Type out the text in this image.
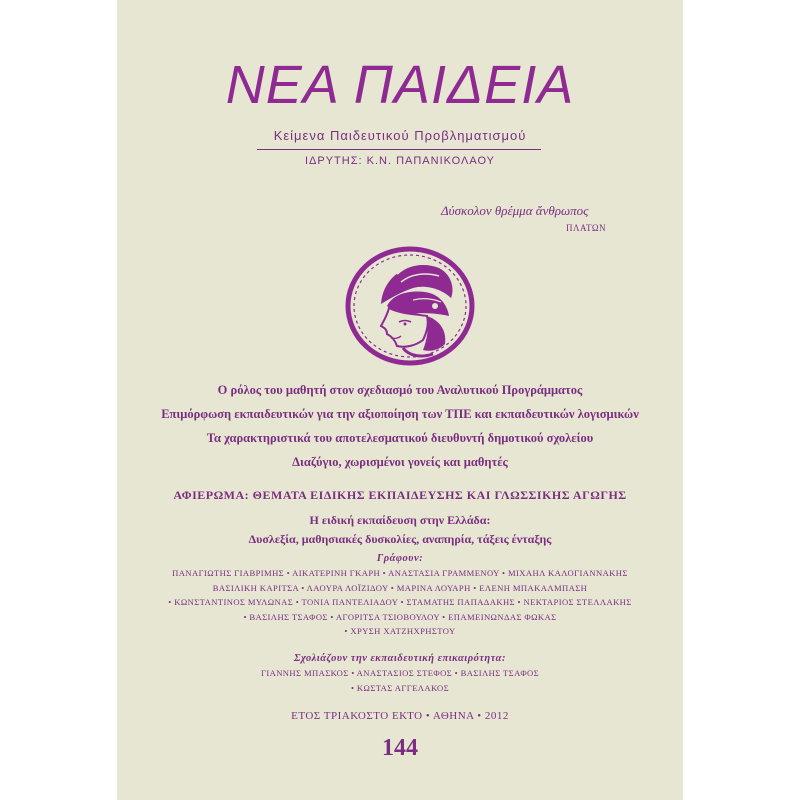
ΝΕΑ ΠΑΙΔΕΙΑ
Κείμενα Παιδευτικού Προβληματισμού
ΙΔΡΥΤΗΣ: Κ.Ν. ΠΑΠΑΝΙΚΟΛΑΟΥ
Δύσκολον θρέμμα ἄνθρωπος
ΠΛΑΤΩΝ
Ο ρόλος του μαθητή στον σχεδιασμό του Αναλυτικού Προγράμματος
Επιμόρφωση εκπαιδευτικών για την αξιοποίηση των ΤΠΕ και εκπαιδευτικών λογισμικών
Τα χαρακτηριστικά του αποτελεσματικού διευθυντή δημοτικού σχολείου
Διαζύγιο, χωρισμένοι γονείς και μαθητές
ΑΦΙΕΡΩΜΑ: ΘΕΜΑΤΑ ΕΙΔΙΚΗΣ ΕΚΠΑΙΔΕΥΣΗΣ ΚΑΙ ΓΛΩΣΣΙΚΗΣ ΑΓΩΓΗΣ
Η ειδική εκπαίδευση στην Ελλάδα:
Δυσλεξία, μαθησιακές δυσκολίες, αναπηρία, τάξεις ένταξης
Γράφουν:
ΠΑΝΑΓΙΩΤΗΣ ΓΙΑΒΡΙΜΗΣ • ΑΙΚΑΤΕΡΙΝΗ ΓΚΑΡΗ • ΑΝΑΣΤΑΣΙΑ ΓΡΑΜΜΕΝΟΥ • ΜΙΧΑΗΛ ΚΑΛΟΓΙΑΝΝΑΚΗΣ
ΒΑΣΙΛΙΚΗ ΚΑΡΙΤΣΑ • ΛΑΟΥΡΑ ΛΟΪΖΙΔΟΥ • ΜΑΡΙΝΑ ΛΟΥΑΡΗ • ΕΛΕΝΗ ΜΠΑΚΑΛΜΠΑΣΗ
• ΚΩΝΣΤΑΝΤΙΝΟΣ ΜΥΛΩΝΑΣ • ΤΟΝΙΑ ΠΑΝΤΕΛΙΑΔΟΥ • ΣΤΑΜΑΤΗΣ ΠΑΠΑΔΑΚΗΣ • ΝΕΚΤΑΡΙΟΣ ΣΤΕΛΛΑΚΗΣ
• ΒΑΣΙΛΗΣ ΤΣΑΦΟΣ • ΑΓΟΡΙΤΣΑ ΤΣΙΟΒΟΥΛΟΥ • ΕΠΑΜΕΙΝΩΝΔΑΣ ΦΩΚΑΣ
• ΧΡΥΣΗ ΧΑΤΖΗΧΡΗΣΤΟΥ
Σχολιάζουν την εκπαιδευτική επικαιρότητα:
ΓΙΑΝΝΗΣ ΜΠΑΣΚΟΣ • ΑΝΑΣΤΑΣΙΟΣ ΣΤΕΦΟΣ • ΒΑΣΙΛΗΣ ΤΣΑΦΟΣ
• ΚΩΣΤΑΣ ΑΓΓΕΛΑΚΟΣ
ΕΤΟΣ ΤΡΙΑΚΟΣΤΟ ΕΚΤΟ • ΑΘΗΝΑ • 2012
144
